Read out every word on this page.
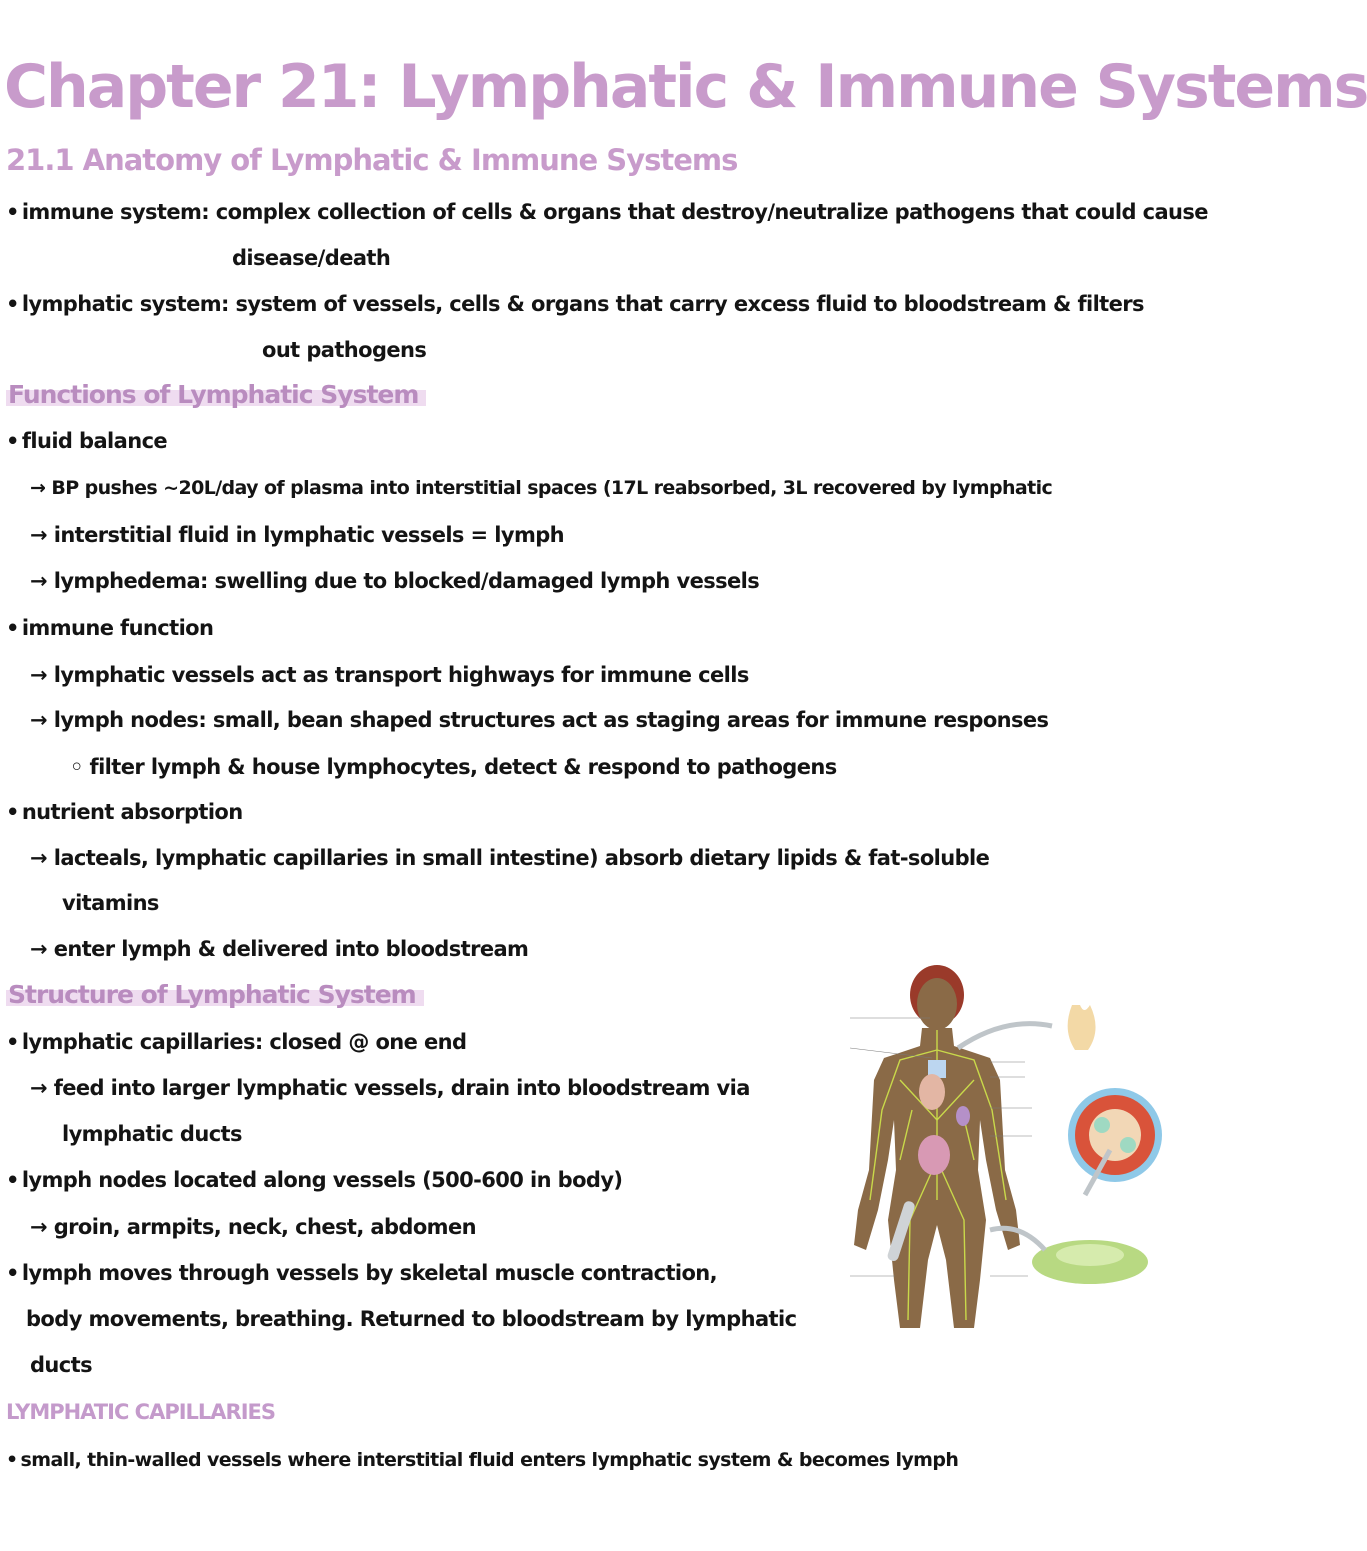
Chapter 21: Lymphatic & Immune Systems
21.1 Anatomy of Lymphatic & Immune Systems
• immune system: complex collection of cells & organs that destroy/neutralize pathogens that could cause
disease/death
• lymphatic system: system of vessels, cells & organs that carry excess fluid to bloodstream & filters
out pathogens
Functions of Lymphatic System
• fluid balance
→ BP pushes ~20L/day of plasma into interstitial spaces (17L reabsorbed, 3L recovered by lymphatic
→ interstitial fluid in lymphatic vessels = lymph
→ lymphedema: swelling due to blocked/damaged lymph vessels
• immune function
→ lymphatic vessels act as transport highways for immune cells
→ lymph nodes: small, bean shaped structures act as staging areas for immune responses
◦ filter lymph & house lymphocytes, detect & respond to pathogens
• nutrient absorption
→ lacteals, lymphatic capillaries in small intestine) absorb dietary lipids & fat-soluble
vitamins
→ enter lymph & delivered into bloodstream
Structure of Lymphatic System
• lymphatic capillaries: closed @ one end
→ feed into larger lymphatic vessels, drain into bloodstream via
lymphatic ducts
• lymph nodes located along vessels (500-600 in body)
→ groin, armpits, neck, chest, abdomen
• lymph moves through vessels by skeletal muscle contraction,
body movements, breathing. Returned to bloodstream by lymphatic
ducts
LYMPHATIC CAPILLARIES
• small, thin-walled vessels where interstitial fluid enters lymphatic system & becomes lymph
